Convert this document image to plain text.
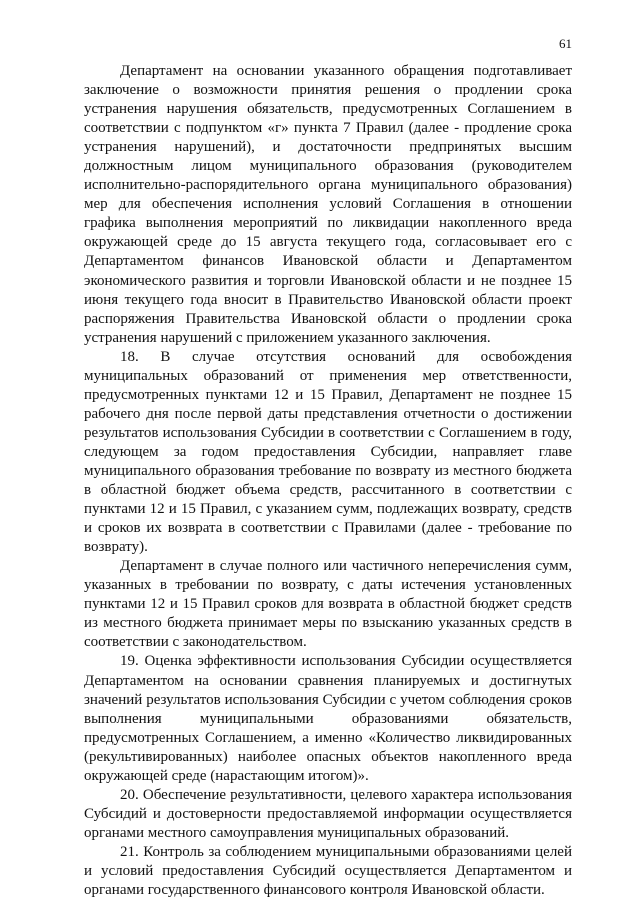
61

Департамент на основании указанного обращения подготавливает заключение о возможности принятия решения о продлении срока устранения нарушения обязательств, предусмотренных Соглашением в соответствии с подпунктом «г» пункта 7 Правил (далее - продление срока устранения нарушений), и достаточности предпринятых высшим должностным лицом муниципального образования (руководителем исполнительно-распорядительного органа муниципального образования) мер для обеспечения исполнения условий Соглашения в отношении графика выполнения мероприятий по ликвидации накопленного вреда окружающей среде до 15 августа текущего года, согласовывает его с Департаментом финансов Ивановской области и Департаментом экономического развития и торговли Ивановской области и не позднее 15 июня текущего года вносит в Правительство Ивановской области проект распоряжения Правительства Ивановской области о продлении срока устранения нарушений с приложением указанного заключения.

18. В случае отсутствия оснований для освобождения муниципальных образований от применения мер ответственности, предусмотренных пунктами 12 и 15 Правил, Департамент не позднее 15 рабочего дня после первой даты представления отчетности о достижении результатов использования Субсидии в соответствии с Соглашением в году, следующем за годом предоставления Субсидии, направляет главе муниципального образования требование по возврату из местного бюджета в областной бюджет объема средств, рассчитанного в соответствии с пунктами 12 и 15 Правил, с указанием сумм, подлежащих возврату, средств и сроков их возврата в соответствии с Правилами (далее - требование по возврату).

Департамент в случае полного или частичного неперечисления сумм, указанных в требовании по возврату, с даты истечения установленных пунктами 12 и 15 Правил сроков для возврата в областной бюджет средств из местного бюджета принимает меры по взысканию указанных средств в соответствии с законодательством.

19. Оценка эффективности использования Субсидии осуществляется Департаментом на основании сравнения планируемых и достигнутых значений результатов использования Субсидии с учетом соблюдения сроков выполнения муниципальными образованиями обязательств, предусмотренных Соглашением, а именно «Количество ликвидированных (рекультивированных) наиболее опасных объектов накопленного вреда окружающей среде (нарастающим итогом)».

20. Обеспечение результативности, целевого характера использования Субсидий и достоверности предоставляемой информации осуществляется органами местного самоуправления муниципальных образований.

21. Контроль за соблюдением муниципальными образованиями целей и условий предоставления Субсидий осуществляется Департаментом и органами государственного финансового контроля Ивановской области.
